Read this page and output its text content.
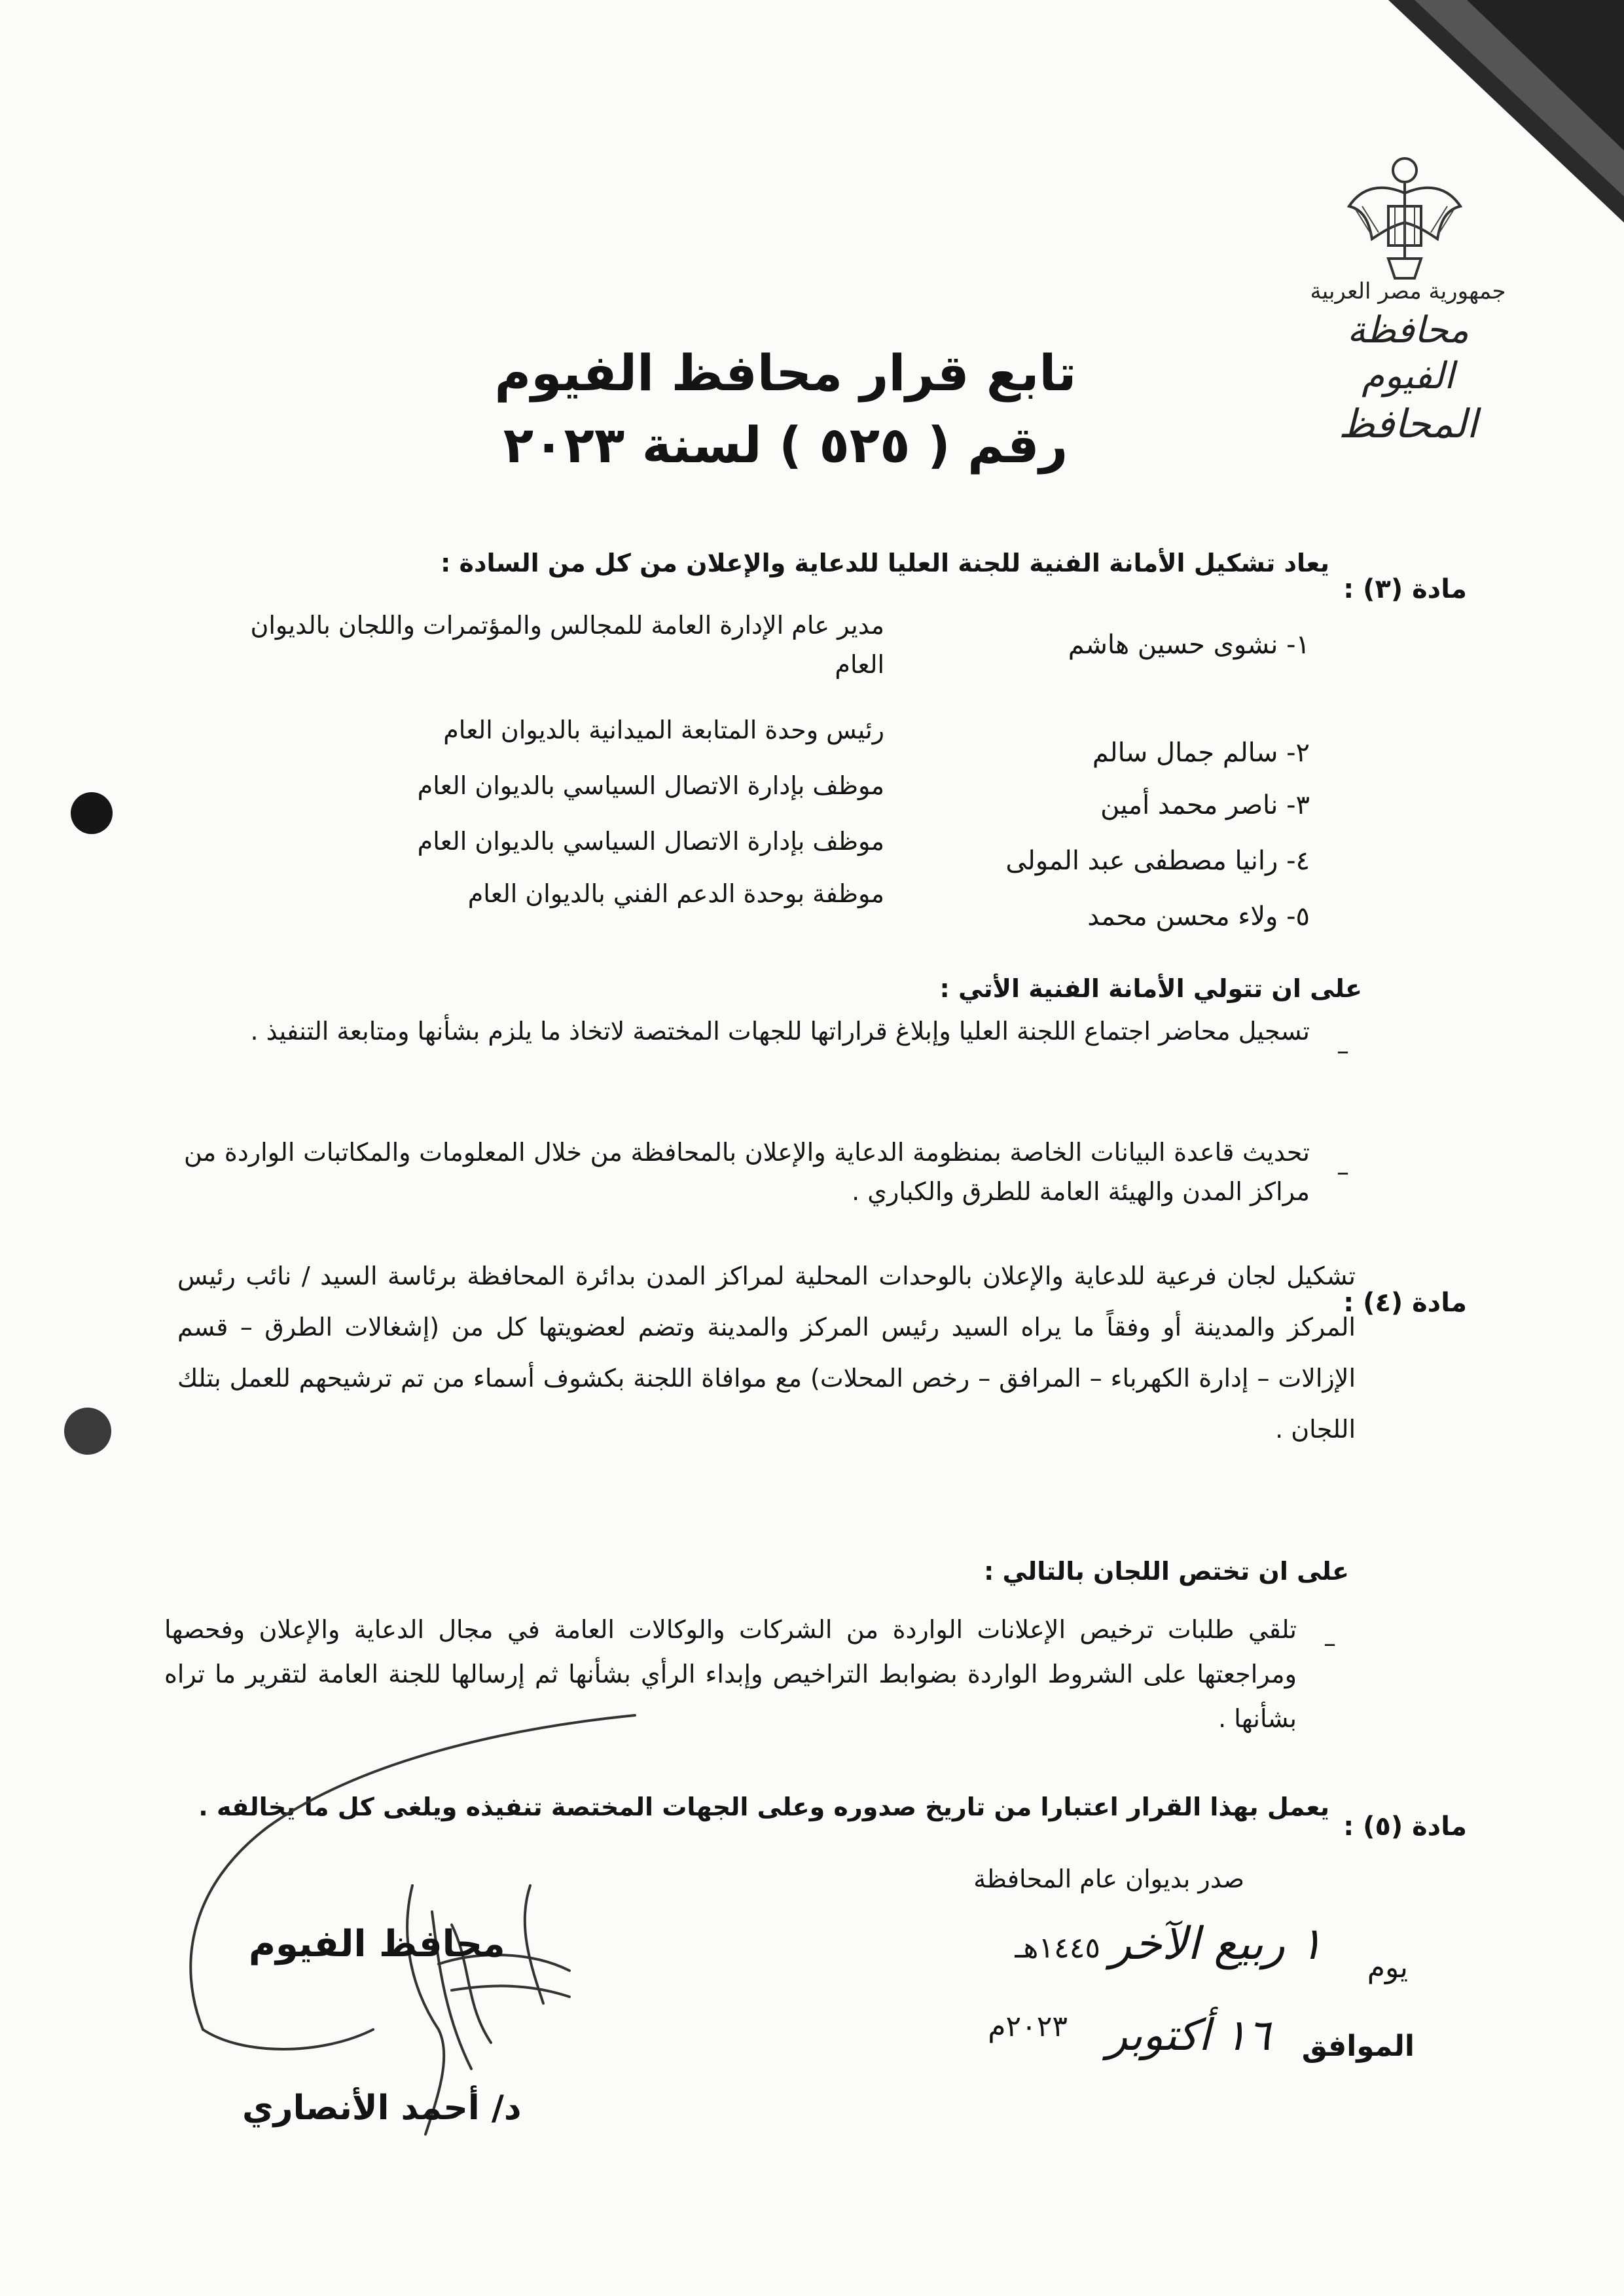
جمهورية مصر العربية
محافظة الفيوم
المحافظ
تابع قرار محافظ الفيوم
رقم ( ٥٢٥ ) لسنة ٢٠٢٣
مادة (٣) :
يعاد تشكيل الأمانة الفنية للجنة العليا للدعاية والإعلان من كل من السادة :
١- نشوى حسين هاشم
مدير عام الإدارة العامة للمجالس والمؤتمرات واللجان بالديوان العام
٢- سالم جمال سالم
رئيس وحدة المتابعة الميدانية بالديوان العام
٣- ناصر محمد أمين
موظف بإدارة الاتصال السياسي بالديوان العام
٤- رانيا مصطفى عبد المولى
موظف بإدارة الاتصال السياسي بالديوان العام
٥- ولاء محسن محمد
موظفة بوحدة الدعم الفني بالديوان العام
على ان تتولي الأمانة الفنية الأتي :
–
تسجيل محاضر اجتماع اللجنة العليا وإبلاغ قراراتها للجهات المختصة لاتخاذ ما يلزم بشأنها ومتابعة التنفيذ .
–
تحديث قاعدة البيانات الخاصة بمنظومة الدعاية والإعلان بالمحافظة من خلال المعلومات والمكاتبات الواردة من مراكز المدن والهيئة العامة للطرق والكباري .
مادة (٤) :
تشكيل لجان فرعية للدعاية والإعلان بالوحدات المحلية لمراكز المدن بدائرة المحافظة برئاسة السيد / نائب رئيس المركز والمدينة أو وفقاً ما يراه السيد رئيس المركز والمدينة وتضم لعضويتها كل من (إشغالات الطرق – قسم الإزالات – إدارة الكهرباء – المرافق – رخص المحلات) مع موافاة اللجنة بكشوف أسماء من تم ترشيحهم للعمل بتلك اللجان .
على ان تختص اللجان بالتالي :
–
تلقي طلبات ترخيص الإعلانات الواردة من الشركات والوكالات العامة في مجال الدعاية والإعلان وفحصها ومراجعتها على الشروط الواردة بضوابط التراخيص وإبداء الرأي بشأنها ثم إرسالها للجنة العامة لتقرير ما تراه بشأنها .
مادة (٥) :
يعمل بهذا القرار اعتبارا من تاريخ صدوره وعلى الجهات المختصة تنفيذه ويلغى كل ما يخالفه .
صدر بديوان عام المحافظة
يوم
١ ربيع الآخر
١٤٤٥هـ
الموافق
١٦ أكتوبر
٢٠٢٣م
محافظ الفيوم
د/ أحمد الأنصاري
